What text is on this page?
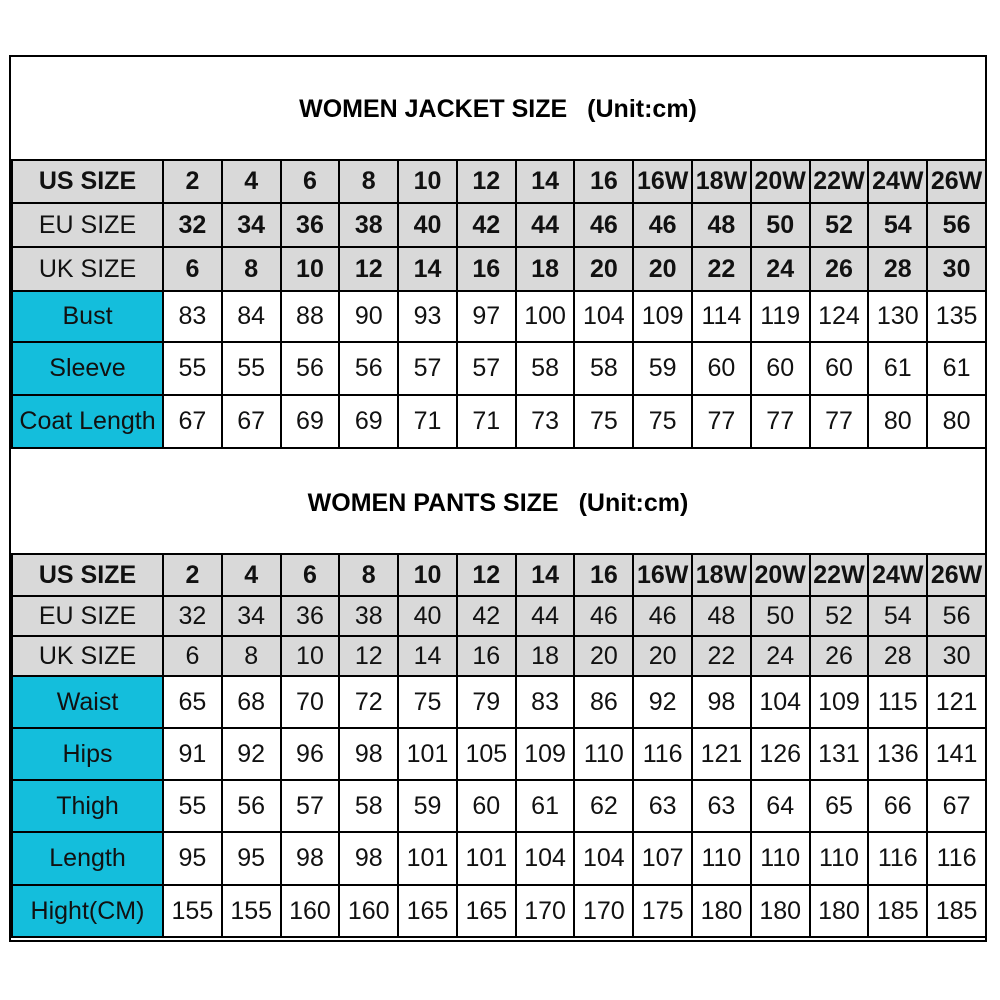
WOMEN JACKET SIZE (Unit:cm)
US SIZE	2	4	6	8	10	12	14	16	16W	18W	20W	22W	24W	26W
EU SIZE	32	34	36	38	40	42	44	46	46	48	50	52	54	56
UK SIZE	6	8	10	12	14	16	18	20	20	22	24	26	28	30
Bust	83	84	88	90	93	97	100	104	109	114	119	124	130	135
Sleeve	55	55	56	56	57	57	58	58	59	60	60	60	61	61
Coat Length	67	67	69	69	71	71	73	75	75	77	77	77	80	80
WOMEN PANTS SIZE (Unit:cm)
US SIZE	2	4	6	8	10	12	14	16	16W	18W	20W	22W	24W	26W
EU SIZE	32	34	36	38	40	42	44	46	46	48	50	52	54	56
UK SIZE	6	8	10	12	14	16	18	20	20	22	24	26	28	30
Waist	65	68	70	72	75	79	83	86	92	98	104	109	115	121
Hips	91	92	96	98	101	105	109	110	116	121	126	131	136	141
Thigh	55	56	57	58	59	60	61	62	63	63	64	65	66	67
Length	95	95	98	98	101	101	104	104	107	110	110	110	116	116
Hight(CM)	155	155	160	160	165	165	170	170	175	180	180	180	185	185
